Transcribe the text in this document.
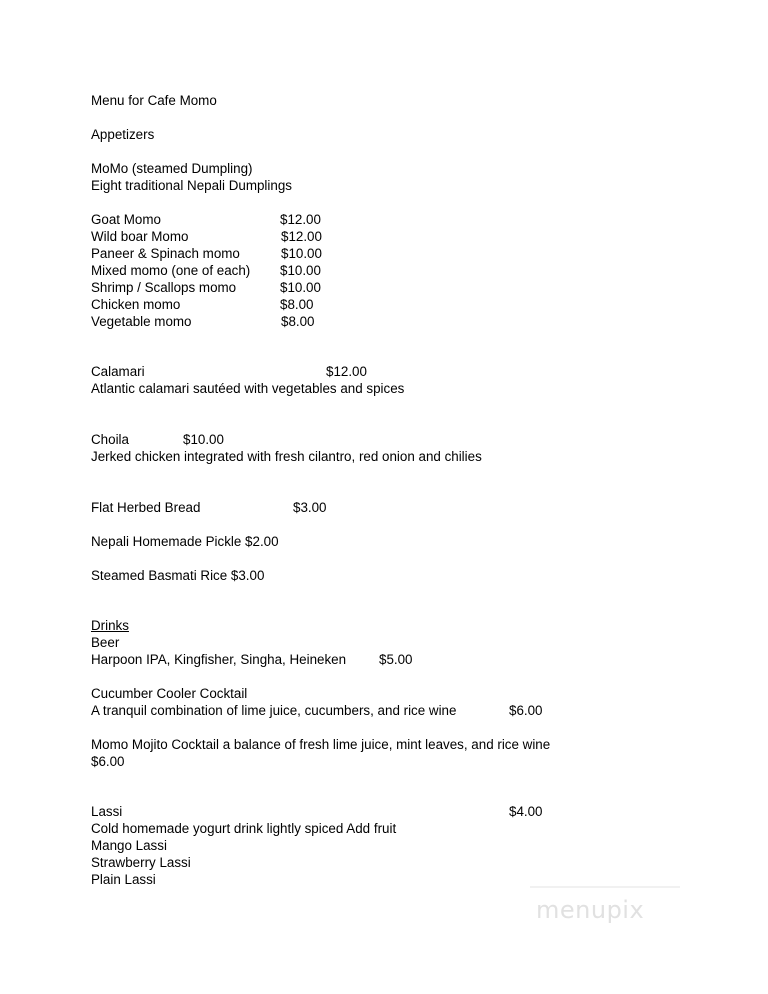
Menu for Cafe Momo
Appetizers
MoMo (steamed Dumpling)
Eight traditional Nepali Dumplings
Goat Momo	$12.00
Wild boar Momo	$12.00
Paneer & Spinach momo	$10.00
Mixed momo (one of each) $10.00
Shrimp / Scallops momo	$10.00
Chicken momo	$8.00
Vegetable momo	$8.00
Calamari	$12.00
Atlantic calamari sautéed with vegetables and spices
Choila	$10.00
Jerked chicken integrated with fresh cilantro, red onion and chilies
Flat Herbed Bread	$3.00
Nepali Homemade Pickle $2.00
Steamed Basmati Rice $3.00
Drinks
Beer
Harpoon IPA, Kingfisher, Singha, Heineken $5.00
Cucumber Cooler Cocktail
A tranquil combination of lime juice, cucumbers, and rice wine	$6.00
Momo Mojito Cocktail a balance of fresh lime juice, mint leaves, and rice wine
$6.00
Lassi	$4.00
Cold homemade yogurt drink lightly spiced Add fruit
Mango Lassi
Strawberry Lassi
Plain Lassi
menupix
